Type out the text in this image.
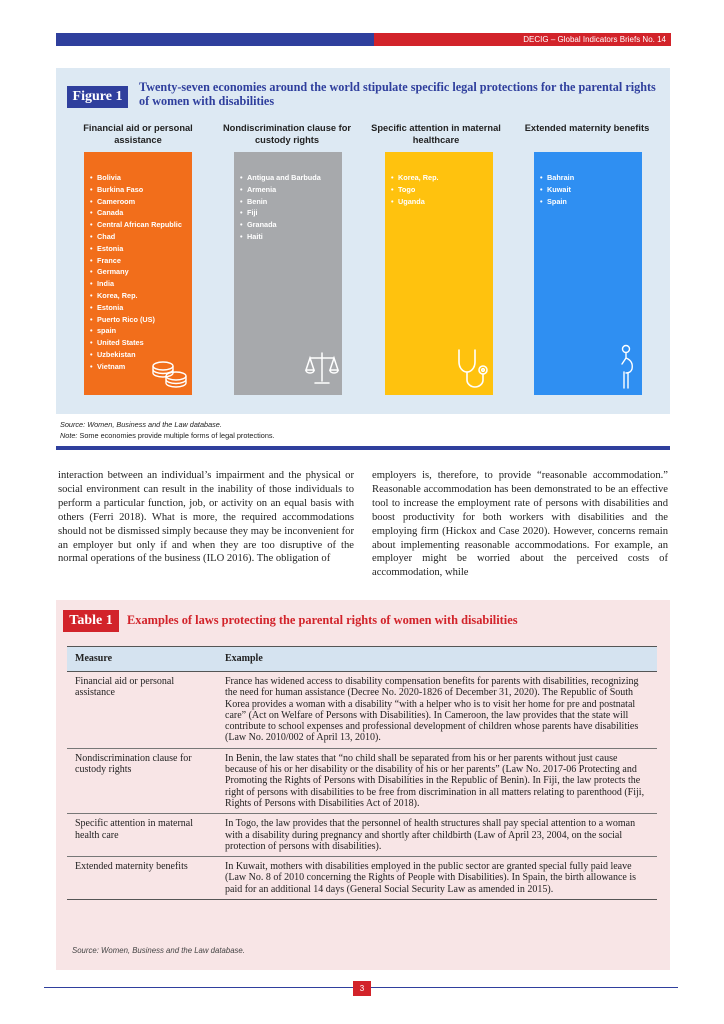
DECIG – Global Indicators Briefs No. 14
Figure 1
Twenty-seven economies around the world stipulate specific legal protections for the parental rights of women with disabilities
Financial aid or personal assistance
Nondiscrimination clause for custody rights
Specific attention in maternal healthcare
Extended maternity benefits
• Bolivia
• Burkina Faso
• Cameroom
• Canada
• Central African Republic
• Chad
• Estonia
• France
• Germany
• India
• Korea, Rep.
• Estonia
• Puerto Rico (US)
• spain
• United States
• Uzbekistan
• Vietnam
• Antigua and Barbuda
• Armenia
• Benin
• Fiji
• Granada
• Haiti
• Korea, Rep.
• Togo
• Uganda
• Bahrain
• Kuwait
• Spain
Source: Women, Business and the Law database.
Note: Some economies provide multiple forms of legal protections.
interaction between an individual’s impairment and the physical or social environment can result in the inability of those individuals to perform a particular function, job, or activity on an equal basis with others (Ferri 2018). What is more, the required accommodations should not be dismissed simply because they may be inconvenient for an employer but only if and when they are too disruptive of the normal operations of the business (ILO 2016). The obligation of
employers is, therefore, to provide “reasonable accommodation.” Reasonable accommodation has been demonstrated to be an effective tool to increase the employment rate of persons with disabilities and boost productivity for both workers with disabilities and the employing firm (Hickox and Case 2020). However, concerns remain about implementing reasonable accommodations. For example, an employer might be worried about the perceived costs of accommodation, while
Table 1	Examples of laws protecting the parental rights of women with disabilities
Measure	Example
Financial aid or personal assistance	France has widened access to disability compensation benefits for parents with disabilities, recognizing the need for human assistance (Decree No. 2020-1826 of December 31, 2020). The Republic of South Korea provides a woman with a disability “with a helper who is to visit her home for pre and postnatal care” (Act on Welfare of Persons with Disabilities). In Cameroon, the law provides that the state will contribute to school expenses and professional development of children whose parents have disabilities (Law No. 2010/002 of April 13, 2010).
Nondiscrimination clause for custody rights	In Benin, the law states that “no child shall be separated from his or her parents without just cause because of his or her disability or the disability of his or her parents” (Law No. 2017-06 Protecting and Promoting the Rights of Persons with Disabilities in the Republic of Benin). In Fiji, the law protects the right of persons with disabilities to be free from discrimination in all matters relating to parenthood (Fiji, Rights of Persons with Disabilities Act of 2018).
Specific attention in maternal health care	In Togo, the law provides that the personnel of health structures shall pay special attention to a woman with a disability during pregnancy and shortly after childbirth (Law of April 23, 2004, on the social protection of persons with disabilities).
Extended maternity benefits	In Kuwait, mothers with disabilities employed in the public sector are granted special fully paid leave (Law No. 8 of 2010 concerning the Rights of People with Disabilities). In Spain, the birth allowance is paid for an additional 14 days (General Social Security Law as amended in 2015).
Source: Women, Business and the Law database.
3
